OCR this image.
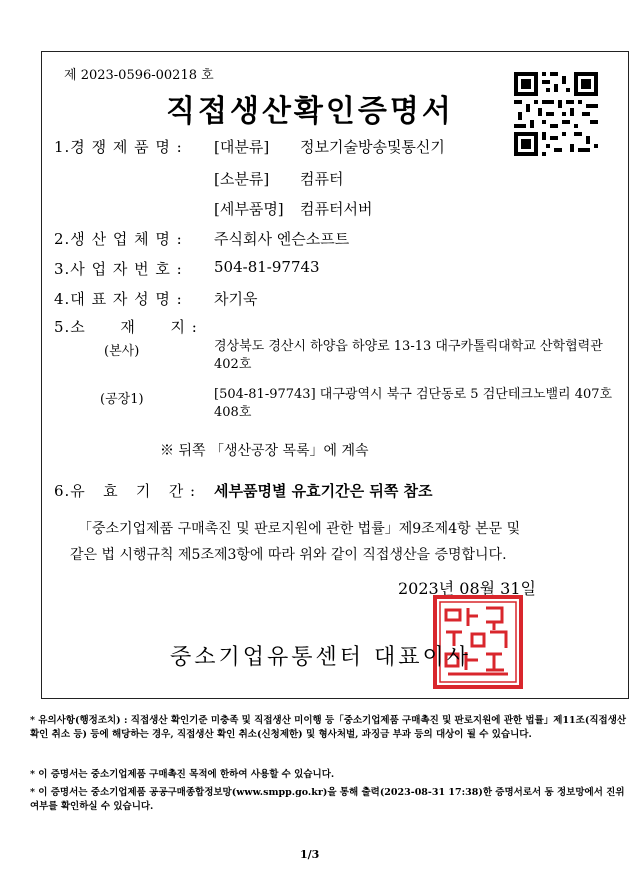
제 2023-0596-00218 호
직접생산확인증명서
1.경 쟁 제 품 명 : [대분류] 정보기술방송및통신기
[소분류] 컴퓨터
[세부품명] 컴퓨터서버
2.생 산 업 체 명 : 주식회사 엔슨소프트
3.사 업 자 번 호 : 504-81-97743
4.대 표 자 성 명 : 차기욱
5.소      재      지 :
(본사)	경상북도 경산시 하양읍 하양로 13-13 대구카톨릭대학교 산학협력관 402호
(공장1)	[504-81-97743] 대구광역시 북구 검단동로 5 검단테크노밸리 407호 408호
※ 뒤쪽 「생산공장 목록」에 계속
6.유   효   기   간 : 세부품명별 유효기간은 뒤쪽 참조
「중소기업제품 구매촉진 및 판로지원에 관한 법률」제9조제4항 본문 및
같은 법 시행규칙 제5조제3항에 따라 위와 같이 직접생산을 증명합니다.
2023년 08월 31일
중소기업유통센터 대표이사
* 유의사항(행정조치) : 직접생산 확인기준 미충족 및 직접생산 미이행 등「중소기업제품 구매촉진 및 판로지원에 관한 법률」제11조(직접생산 확인 취소 등) 등에 해당하는 경우, 직접생산 확인 취소(신청제한) 및 형사처벌, 과징금 부과 등의 대상이 될 수 있습니다.
* 이 증명서는 중소기업제품 구매촉진 목적에 한하여 사용할 수 있습니다.
* 이 증명서는 중소기업제품 공공구매종합정보망(www.smpp.go.kr)을 통해 출력(2023-08-31 17:38)한 증명서로서 동 정보망에서 진위여부를 확인하실 수 있습니다.
1/3
